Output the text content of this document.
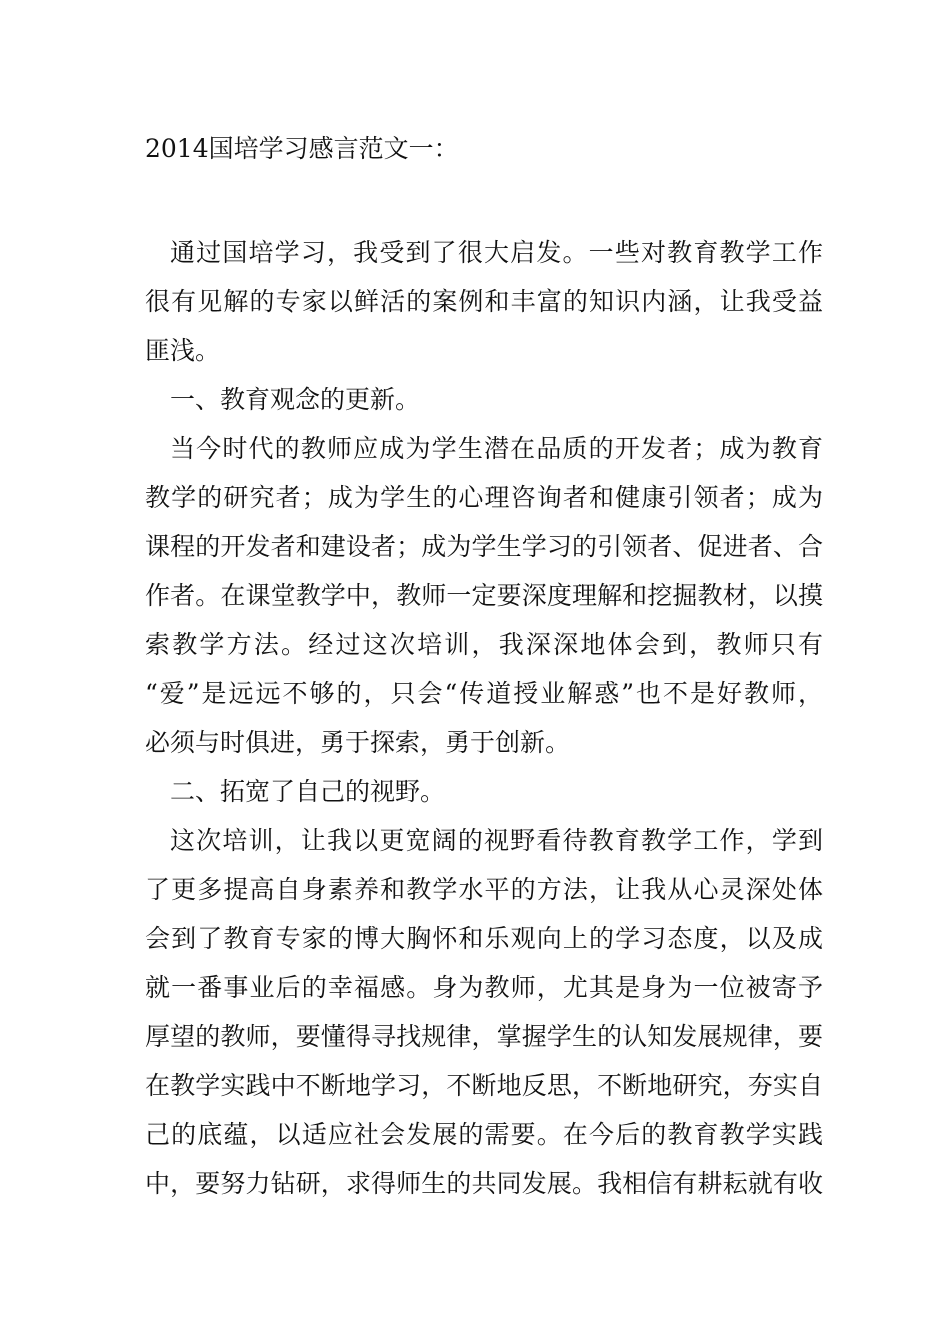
2014国培学习感言范文一：
通过国培学习，我受到了很大启发。一些对教育教学工作
很有见解的专家以鲜活的案例和丰富的知识内涵，让我受益
匪浅。
一、教育观念的更新。
当今时代的教师应成为学生潜在品质的开发者；成为教育
教学的研究者；成为学生的心理咨询者和健康引领者；成为
课程的开发者和建设者；成为学生学习的引领者、促进者、合
作者。在课堂教学中，教师一定要深度理解和挖掘教材，以摸
索教学方法。经过这次培训，我深深地体会到，教师只有
“爱”是远远不够的，只会“传道授业解惑”也不是好教师，
必须与时俱进，勇于探索，勇于创新。
二、拓宽了自己的视野。
这次培训，让我以更宽阔的视野看待教育教学工作，学到
了更多提高自身素养和教学水平的方法，让我从心灵深处体
会到了教育专家的博大胸怀和乐观向上的学习态度，以及成
就一番事业后的幸福感。身为教师，尤其是身为一位被寄予
厚望的教师，要懂得寻找规律，掌握学生的认知发展规律，要
在教学实践中不断地学习，不断地反思，不断地研究，夯实自
己的底蕴，以适应社会发展的需要。在今后的教育教学实践
中，要努力钻研，求得师生的共同发展。我相信有耕耘就有收
